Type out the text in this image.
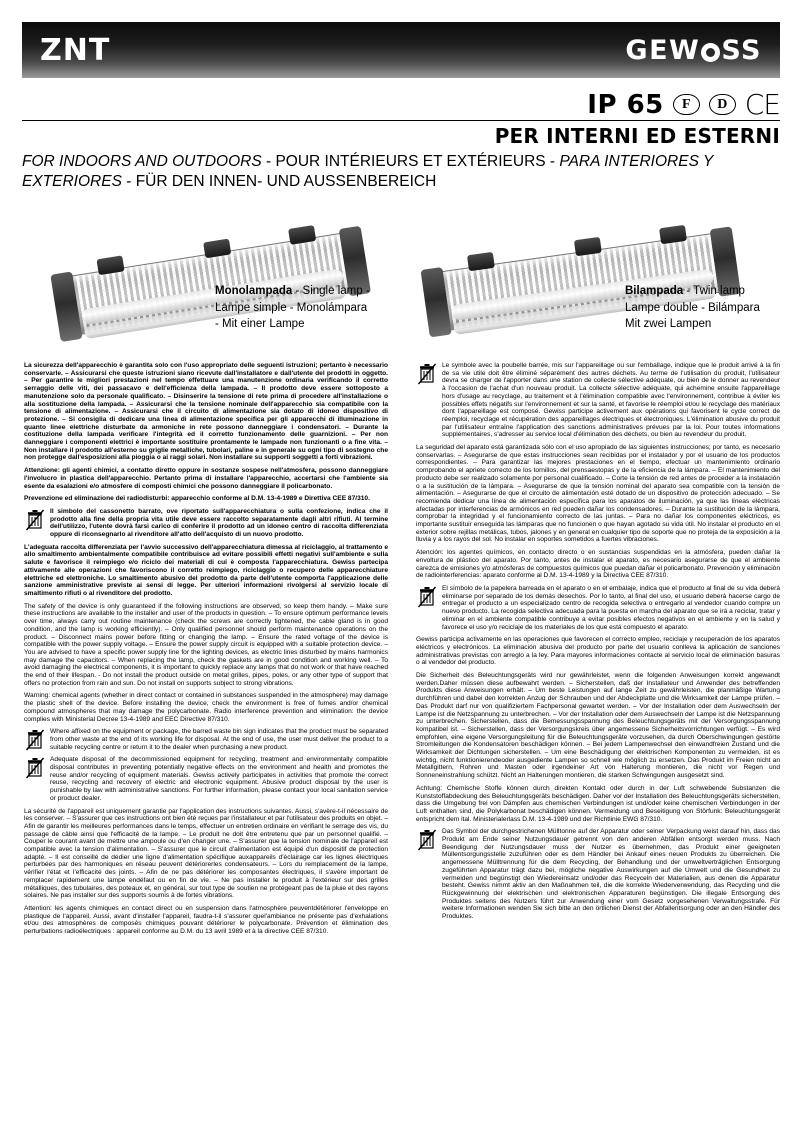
ZNT	GEW SS
IP 65	F	D CE
PER INTERNI ED ESTERNI
FOR INDOORS AND OUTDOORS - POUR INTÉRIEURS ET EXTÉRIEURS - PARA INTERIORES Y
EXTERIORES - FÜR DEN INNEN- UND AUSSENBEREICH
Monolampada - Single lamp -
Lampe simple - Monolámpara
- Mit einer Lampe
Bilampada - Twin lamp
Lampe double - Bilámpara
Mit zwei Lampen

La sicurezza dell'apparecchio è garantita solo con l'uso appropriato delle seguenti istruzioni; pertanto è necessario conservarle. – Assicurarsi che queste istruzioni siano ricevute dall'installatore e dall'utente del prodotti in oggetto. – Per garantire le migliori prestazioni nel tempo effettuare una manutenzione ordinaria verificando il corretto serraggio delle viti, dei passacavo e dell'efficienza della lampada. – Il prodotto deve essere sottoposto a manutenzione solo da personale qualificato. – Disinserire la tensione di rete prima di procedere all'installazione o alla sostituzione della lampada. – Assicurarsi che la tensione nominale dell'apparecchio sia compatibile con la tensione di alimentazione. – Assicurarsi che il circuito di alimentazione sia dotato di idoneo dispositivo di protezione. – Si consiglia di dedicare una linea di alimentazione specifica per gli apparecchi di illuminazione in quanto linee elettriche disturbate da armoniche in rete possono danneggiare i condensatori. – Durante la costituzione della lampada verificare l'integrità ed il corretto funzionamento delle guarnizioni. – Per non danneggiare i componenti elettrici è importante sostituire prontamente le lampade non funzionanti o a fine vita. – Non installare il prodotto all'esterno su griglie metalliche, tubolari, paline e in generale su ogni tipo di sostegno che non protegge dall'esposizioni alla pioggia o ai raggi solari. Non installare su supporti soggetti a forti vibrazioni.

Attenzione: gli agenti chimici, a contatto diretto oppure in sostanze sospese nell'atmosfera, possono danneggiare l'involucro in plastica dell'apparecchio. Pertanto prima di installare l'apparecchio, accertarsi che l'ambiente sia esente da esalazioni e/o atmosfere di composti chimici che possono danneggiare il policarbonato.

Prevenzione ed eliminazione dei radiodisturbi: apparecchio conforme al D.M. 13-4-1989 e Direttiva CEE 87/310.

Il simbolo del cassonetto barrato, ove riportato sull'apparecchiatura o sulla confezione, indica che il prodotto alla fine della propria vita utile deve essere raccolto separatamente dagli altri rifiuti. Al termine dell'utilizzo, l'utente dovrà farsi carico di conferire il prodotto ad un idoneo centro di raccolta differenziata oppure di riconsegnarlo al rivenditore all'atto dell'acquisto di un nuovo prodotto.

L'adeguata raccolta differenziata per l'avvio successivo dell'apparecchiatura dimessa al riciclaggio, al trattamento e allo smaltimento ambientalmente compatibile contribuisce ad evitare possibili effetti negativi sull'ambiente e sulla salute e favorisce il reimpiego e/o riciclo dei materiali di cui è composta l'apparecchiatura. Gewiss partecipa attivamente alle operazioni che favoriscono il corretto reimpiego, riciclaggio o recupero delle apparecchiature elettriche ed elettroniche. Lo smaltimento abusivo del prodotto da parte dell'utente comporta l'applicazione delle sanzione amministrative previste ai sensi di legge. Per ulteriori informazioni rivolgersi al servizio locale di smaltimento rifiuti o al rivenditore del prodotto.

The safety of the device is only guaranteed if the following instructions are observed, so keep them handy. – Make sure these instructions are available to the installer and user of the products in question. – To ensure optimum performance levels over time, always carry out routine maintenance (check the screws are correctly tightened, the cable gland is in good condition, and the lamp is working efficiently). – Only qualified personnel should perform maintenance operations on the product. – Disconnect mains power before fitting or changing the lamp. – Ensure the rated voltage of the device is compatible with the power supply voltage. – Ensure the power supply circuit is equipped with a suitable protection device. – You are advised to have a specific power supply line for the lighting devices, as electric lines disturbed by mains harmonics may damage the capacitors. – When replacing the lamp, check the gaskets are in good condition and working well. – To avoid damaging the electrical components, it is important to quickly replace any lamps that do not work or that have reached the end of their lifespan. - Do not install the product outside on metal grilles, pipes, poles, or any other type of support that offers no protection from rain and sun. Do not install on supports subject to strong vibrations.

Warning: chemical agents (whether in direct contact or contained in substances suspended in the atmosphere) may damage the plastic shell of the device. Before installing the device, check the environment is free of fumes and/or chemical compound atmospheres that may damage the polycarbonate. Radio interference prevention and elimination: the device complies with Ministerial Decree 13-4-1989 and EEC Directive 87/310.

Where affixed on the equipment or package, the barred waste bin sign indicates that the product must be separated from other waste at the end of its working life for disposal. At the end of use, the user must deliver the product to a suitable recycling centre or return it to the dealer when purchasing a new product.

Adequate disposal of the decommissioned equipment for recycling, treatment and environmentally compatible disposal contributes in preventing potentially negative effects on the environment and health and promotes the reuse and/or recycling of equipment materials. Gewiss actively participates in activities that promote the correct reuse, recycling and recovery of electric and electronic equipment. Abusive product disposal by the user is punishable by law with administrative sanctions. For further information, please contact your local sanitation service or product dealer.

La sécurité de l'appareil est uniquement garantie par l'application des instructions suivantes. Aussi, s'avère-t-il nécessaire de les conserver. – S'assurer que ces instructions ont bien été reçues par l'installateur et par l'utilisateur des produits en objet. – Afin de garantir les meilleures performances dans le temps, effectuer un entretien ordinaire en vérifiant le serrage des vis, du passage de câble ainsi que l'efficacité de la lampe. – Le produit ne doit être entretenu que par un personnel qualifié. – Couper le courant avant de mettre une ampoule ou d'en changer une. – S'assurer que la tension nominale de l'appareil est compatible avec la tension d'alimentation. – S'assurer que le circuit d'alimentation est équipé d'un dispositif de protection adapté. – Il est conseillé de dédier une ligne d'alimentation spécifique auxappareils d'éclairage car les lignes électriques perturbées par des harmoniques en réseau peuvent détériorerles condensateurs. – Lors du remplacement de la lampe, vérifier l'état et l'efficacité des joints. – Afin de ne pas détériorer les composantes électriques, il s'avère important de remplacer rapidement une lampe endéfaut ou en fin de vie. – Ne pas installer le produit à l'extérieur sur des grilles métalliques, des tubulaires, des poteaux et, en général, sur tout type de soutien ne protégeant pas de la pluie et des rayons solaires. Ne pas installer sur des supports soumis à de fortes vibrations.

Attention: les agents chimiques en contact direct ou en suspension dans l'atmosphère peuventdétériorer l'enveloppe en plastique de l'appareil. Aussi, avant d'installer l'appareil, faudra-t-il s'assurer quel'ambiance ne présente pas d'exhalations et/ou des atmosphères de composés chimiques pouvant détériorer le polycarbonate. Prévention et élimination des perturbations radioélectriques : appareil conforme au D.M. du 13 avril 1989 et à la directive CEE 87/310.

Le symbole avec la poubelle barrée, mis sur l'appareillage ou sur l'emballage, indique que le produit arrivé à la fin de sa vie utile doit être éliminé séparément des autres déchets. Au terme de l'utilisation du produit, l'utilisateur devra se charger de l'apporter dans une station de collecte sélective adéquate, ou bien de le donner au revendeur à l'occasion de l'achat d'un nouveau produit. La collecte sélective adéquate, qui achemine ensuite l'appareillage hors d'usage au recyclage, au traitement et à l'élimination compatible avec l'environnement, contribue à éviter les possibles effets négatifs sur l'environnement et sur la santé, et favorise le réemploi et/ou le recyclage des matériaux dont l'appareillage est composé. Gewiss participe activement aux opérations qui favorisent le cycle correct de réemploi, recyclage et récupération des appareillages électriques et électroniques. L'élimination abusive du produit par l'utilisateur entraîne l'application des sanctions administratives prévues par la loi. Pour toutes informations supplémentaires, s'adresser au service local d'élimination des déchets, ou bien au revendeur du produit.

La seguridad del aparato está garantizada sólo con el uso apropiado de las siguientes instrucciones; por tanto, es necesario conservarlas. – Asegurarse de que estas instrucciones sean recibidas por el instalador y por el usuario de los productos correspondientes. – Para garantizar las mejores prestaciones en el tiempo, efectuar un mantenimiento ordinario comprobando el apriete correcto de los tornillos, del prensaestopas y de la eficiencia de la lámpara. – El mantenimiento del producto debe ser realizado solamente por personal cualificado. – Corte la tensión de red antes de proceder a la instalación o a la sustitución de la lámpara. – Asegurarse de que la tensión nominal del aparato sea compatible con la tensión de alimentación. – Asegurarse de que el circuito de alimentación esté dotado de un dispositivo de protección adecuado. – Se recomienda dedicar una línea de alimentación específica para los aparatos de iluminación, ya que las líneas eléctricas afectadas por interferencias de armónicos en red pueden dañar los condensadores. – Durante la sustitución de la lámpara, comprobar la integridad y el funcionamiento correcto de las juntas. – Para no dañar los componentes eléctricos, es importante sustituir enseguida las lámparas que no funcionen o que hayan agotado su vida útil. No instalar el producto en el exterior sobre rejillas metálicas, tubos, jalones y en general en cualquier tipo de soporte que no proteja de la exposición a la lluvia y a los rayos del sol. No instalar en soportes sometidos a fuertes vibraciones.

Atención: los agentes químicos, en contacto directo o en sustancias suspendidas en la atmósfera, pueden dañar la envoltura de plástico del aparato. Por tanto, antes de instalar el aparato, es necesario asegurarse de que el ambiente carezca de emisiones y/o atmósferas de compuestos químicos que puedan dañar el policarbonato. Prevención y eliminación de radiointerferencias: aparato conforme al D.M. 13-4-1989 y la Directiva CEE 87/310.

El símbolo de la papelera barreada en el aparato o en el embalaje, indica que el producto al final de su vida deberá eliminarse por separado de los demás desechos. Por lo tanto, al final del uso, el usuario deberá hacerse cargo de entregar el producto a un especializado centro de recogida selectiva o entregarlo al vendedor cuando compre un nuevo producto. La recogida selectiva adecuada para la puesta en marcha del aparato que se irá a reciclar, tratar y eliminar en el ambiente compatible contribuye a evitar posibles efectos negativos en el ambiente y en la salud y favorece el uso y/o reciclaje de los materiales de los que está compuesto el aparato.

Gewiss participa activamente en las operaciones que favorecen el correcto empleo, reciclaje y recuperación de los aparatos eléctricos y electrónicos. La eliminación abusiva del producto por parte del usuario conlleva la aplicación de sanciones administrativas previstas con arreglo a la ley. Para mayores informaciones contacte al servicio local de eliminación basuras o al vendedor del producto.

Die Sicherheit des Beleuchtungsgeräts wird nur gewährleistet, wenn die folgenden Anweisungen korrekt angewandt werden.Daher müssen diese aufbewahrt werden. – Sicherstellen, daß der Installateur und Anwender des betreffenden Produkts diese Anweisungen erhält. – Um beste Leistungen auf lange Zeit zu gewährleisten, die planmäßige Wartung durchführen und dabei den korrekten Anzug der Schrauben und der Abdeckplatte und die Wirksamkeit der Lampe prüfen. – Das Produkt darf nur von qualifiziertem Fachpersonal gewartet werden. – Vor der Installation oder dem Auswechseln der Lampe ist die Netzspannung zu unterbrechen. – Vor der Installation oder dem Auswechseln der Lampe ist die Netzspannung zu unterbrechen. Sicherstellen, dass die Bemessungsspannung des Beleuchtungsgeräts mit der Versorgungsspannung kompatibel ist. – Sicherstellen, dass der Versorgungskreis über angemessene Sicherheitsvorrichtungen verfügt. – Es wird empfohlen, eine eigene Versorgungsleitung für die Beleuchtungsgeräte vorzusehen, da durch Oberschwingungen gestörte Stromleitungen die Kondensatoren beschädigen können. – Bei jedem Lampenwechsel den einwandfreien Zustand und die Wirksamkeit der Dichtungen sicherstellen. – Um eine Beschädigung der elektrischen Komponenten zu vermeiden, ist es wichtig, nicht funktionierendeoder ausgediente Lampen so schnell wie möglich zu ersetzen. Das Produkt im Freien nicht an Metallgittern, Rohren und Masten oder irgendeiner Art von Halterung montieren, die nicht vor Regen und Sonneneinstrahlung schützt. Nicht an Halterungen montieren, die starken Schwingungen ausgesetzt sind.

Achtung: Chemische Stoffe können durch direkten Kontakt oder durch in der Luft schwebende Substanzen die Kunststoffabdeckung des Beleuchtungsgeräts beschädigen. Daher vor der Installation des Beleuchtungsgeräts sicherstellen, dass die Umgebung frei von Dämpfen aus chemischen Verbindungen ist und/oder keine chemischen Verbindungen in der Luft enthalten sind, die Polykarbonat beschädigen können. Vermeidung und Beseitigung von Störfunk: Beleuchtungsgerät entspricht dem ital. Ministerialerlass D.M. 13-4-1989 und der Richtlinie EWG 87/310.

Das Symbol der durchgestrichenen Mülltonne auf der Apparatur oder seiner Verpackung weist darauf hin, dass das Produkt am Ende seiner Nutzungsdauer getrennt von den anderen Abfällen entsorgt werden muss. Nach Beendigung der Nutzungsdauer muss der Nutzer es übernehmen, das Produkt einer geeigneten Müllentsorgungsstelle zuzuführen oder es dem Händler bei Ankauf eines neuen Produkts zu überreichen. Die angemessene Mülltrennung für die dem Recycling, der Behandlung und der umweltverträglichen Entsorgung zugeführten Apparatur trägt dazu bei, mögliche negative Auswirkungen auf die Umwelt und die Gesundheit zu vermeiden und begünstigt den Wiedereinsatz und/oder das Recyceln der Materialien, aus denen die Apparatur besteht. Gewiss nimmt aktiv an den Maßnahmen teil, die die korrekte Wiederverwendung, das Recycling und die Rückgewinnung der elektrischen und elektronischen Apparaturen begünstigen. Die illegale Entsorgung des Produktes seitens des Nutzers führt zur Anwendung einer vom Gesetz vorgesehenen Verwaltungsstrafe. Für weitere Informationen wenden Sie sich bitte an den örtlichen Dienst der Abfallentsorgung oder an den Händler des Produktes.
